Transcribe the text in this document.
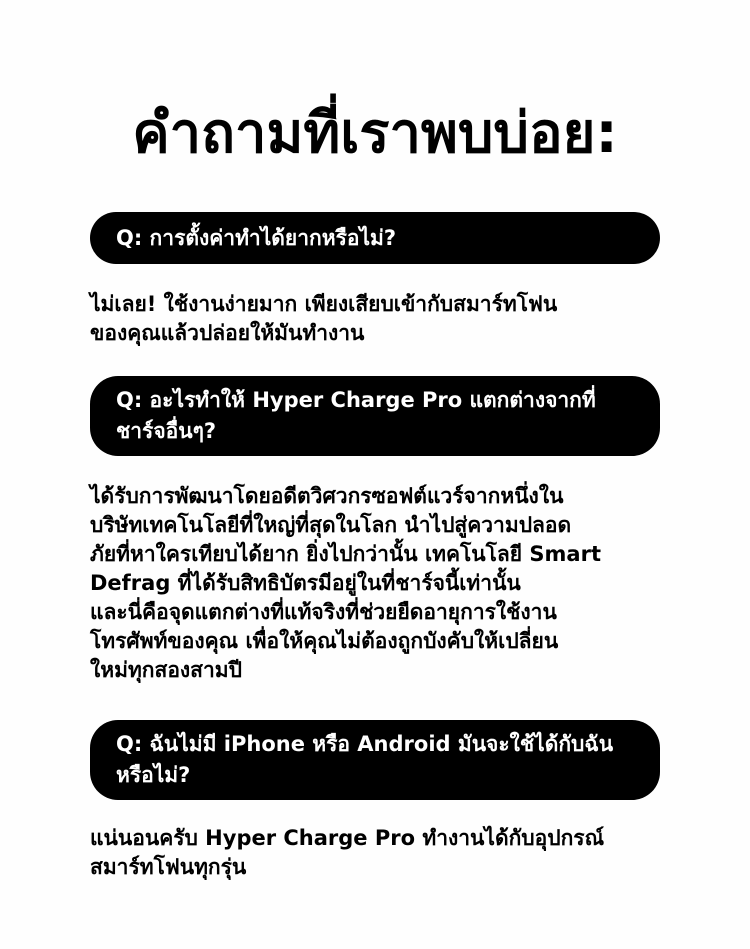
คำถามที่เราพบบ่อย:
Q: การตั้งค่าทำได้ยากหรือไม่?
ไม่เลย! ใช้งานง่ายมาก เพียงเสียบเข้ากับสมาร์ทโฟน
ของคุณแล้วปล่อยให้มันทำงาน
Q: อะไรทำให้ Hyper Charge Pro แตกต่างจากที่ชาร์จอื่นๆ?
ได้รับการพัฒนาโดยอดีตวิศวกรซอฟต์แวร์จากหนึ่งใน
บริษัทเทคโนโลยีที่ใหญ่ที่สุดในโลก นำไปสู่ความปลอด
ภัยที่หาใครเทียบได้ยาก ยิ่งไปกว่านั้น เทคโนโลยี Smart
Defrag ที่ได้รับสิทธิบัตรมีอยู่ในที่ชาร์จนี้เท่านั้น
และนี่คือจุดแตกต่างที่แท้จริงที่ช่วยยืดอายุการใช้งาน
โทรศัพท์ของคุณ เพื่อให้คุณไม่ต้องถูกบังคับให้เปลี่ยน
ใหม่ทุกสองสามปี
Q: ฉันไม่มี iPhone หรือ Android มันจะใช้ได้กับฉันหรือไม่?
แน่นอนครับ Hyper Charge Pro ทำงานได้กับอุปกรณ์
สมาร์ทโฟนทุกรุ่น
